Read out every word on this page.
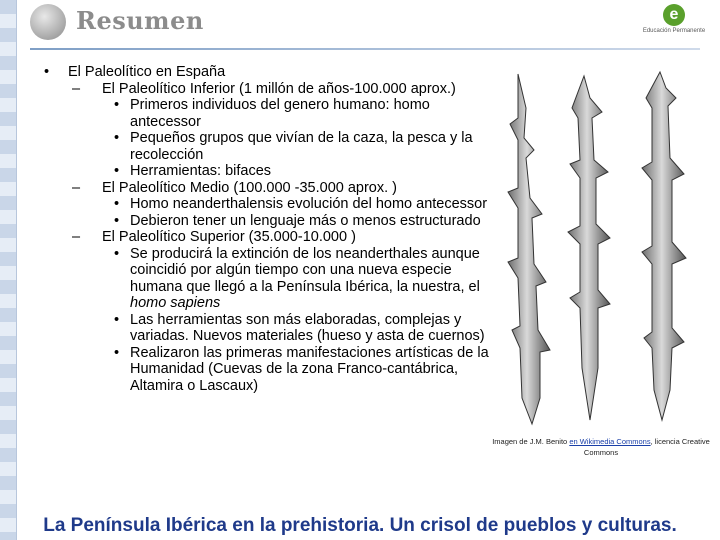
Resumen	e
Educación Permanente
• El Paleolítico en España
– El Paleolítico Inferior (1 millón de años-100.000 aprox.)

• Primeros individuos del genero humano: homo antecessor

• Pequeños grupos que vivían de la caza, la pesca y la recolección

• Herramientas: bifaces

– El Paleolítico Medio (100.000 -35.000 aprox. )

• Homo neanderthalensis evolución del homo antecessor

• Debieron tener un lenguaje más o menos estructurado

– El Paleolítico Superior (35.000-10.000 )

• Se producirá la extinción de los neanderthales aunque coincidió por algún tiempo con una nueva especie humana que llegó a la Península Ibérica, la nuestra, el homo sapiens

• Las herramientas son más elaboradas, complejas y variadas. Nuevos materiales (hueso y asta de cuernos)

• Realizaron las primeras manifestaciones artísticas de la Humanidad (Cuevas de la zona Franco-cantábrica, Altamira o Lascaux)

Imagen de J.M. Benito en Wikimedia Commons, licencia Creative Commons
La Península Ibérica en la prehistoria. Un crisol de pueblos y culturas.
